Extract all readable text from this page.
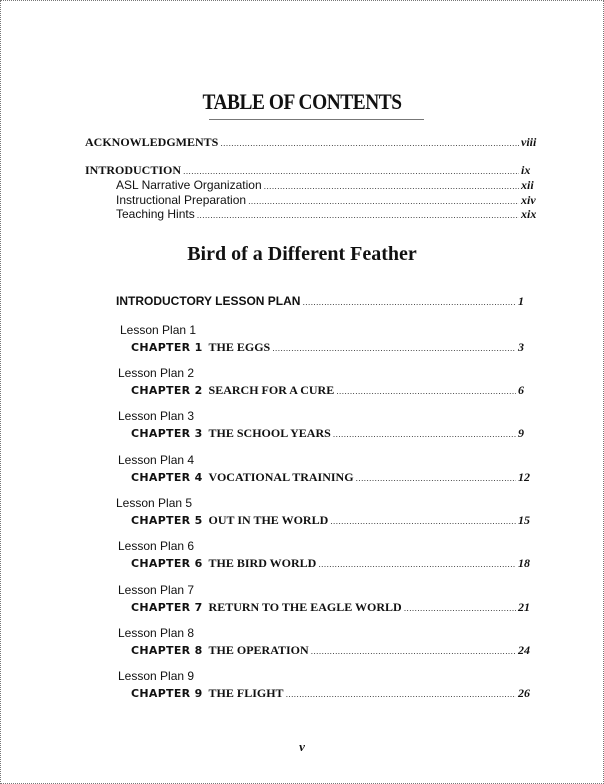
TABLE OF CONTENTS
ACKNOWLEDGMENTS .....	viii
INTRODUCTION .....	ix
ASL Narrative Organization .....	xii
Instructional Preparation .....	xiv
Teaching Hints .....	xix
Bird of a Different Feather
INTRODUCTORY LESSON PLAN .....	1
Lesson Plan 1
CHAPTER 1 THE EGGS .....	3
Lesson Plan 2
CHAPTER 2 SEARCH FOR A CURE .....	6
Lesson Plan 3
CHAPTER 3 THE SCHOOL YEARS .....	9
Lesson Plan 4
CHAPTER 4 VOCATIONAL TRAINING .....	12
Lesson Plan 5
CHAPTER 5 OUT IN THE WORLD .....	15
Lesson Plan 6
CHAPTER 6 THE BIRD WORLD .....	18
Lesson Plan 7
CHAPTER 7 RETURN TO THE EAGLE WORLD .....	21
Lesson Plan 8
CHAPTER 8 THE OPERATION .....	24
Lesson Plan 9
CHAPTER 9 THE FLIGHT .....	26
v
